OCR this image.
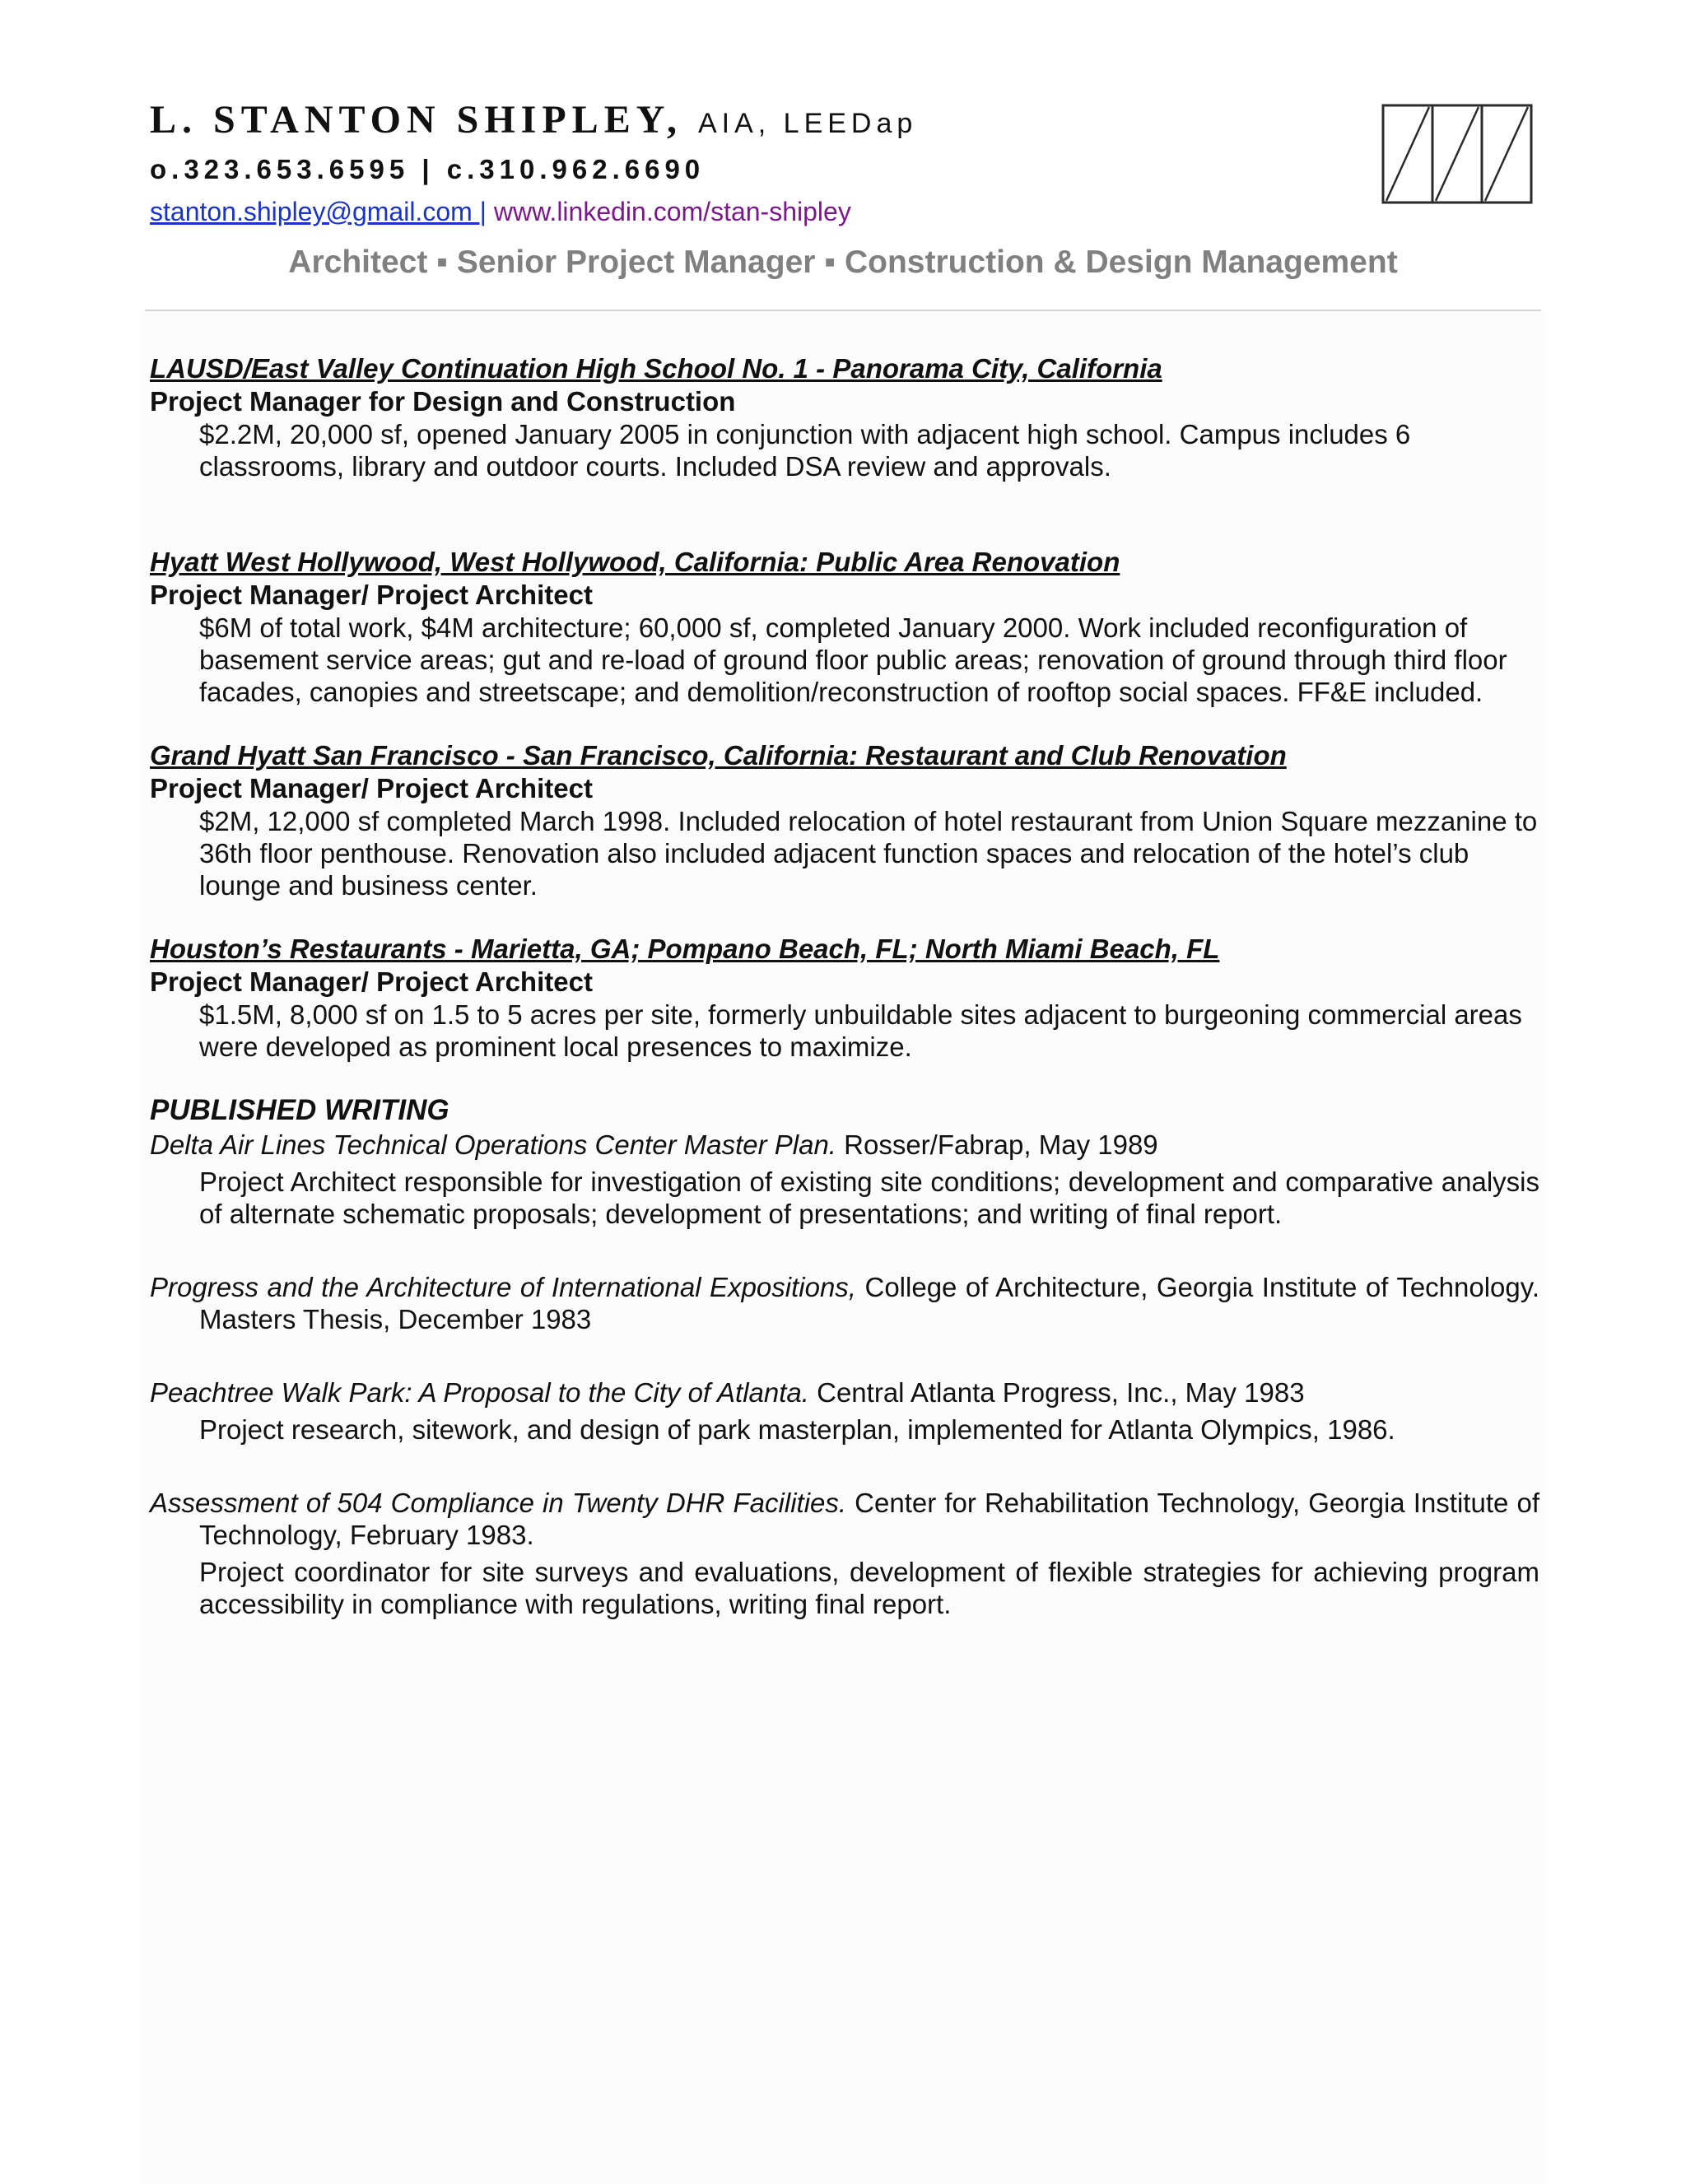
L. STANTON SHIPLEY, AIA, LEEDap
o.323.653.6595 | c.310.962.6690
stanton.shipley@gmail.com | www.linkedin.com/stan-shipley
Architect ▪ Senior Project Manager ▪ Construction & Design Management
LAUSD/East Valley Continuation High School No. 1 - Panorama City, California
Project Manager for Design and Construction
$2.2M, 20,000 sf, opened January 2005 in conjunction with adjacent high school. Campus includes 6 classrooms, library and outdoor courts. Included DSA review and approvals.
Hyatt West Hollywood, West Hollywood, California: Public Area Renovation
Project Manager/ Project Architect
$6M of total work, $4M architecture; 60,000 sf, completed January 2000. Work included reconfiguration of basement service areas; gut and re-load of ground floor public areas; renovation of ground through third floor facades, canopies and streetscape; and demolition/reconstruction of rooftop social spaces. FF&E included.
Grand Hyatt San Francisco - San Francisco, California: Restaurant and Club Renovation
Project Manager/ Project Architect
$2M, 12,000 sf completed March 1998. Included relocation of hotel restaurant from Union Square mezzanine to 36th floor penthouse. Renovation also included adjacent function spaces and relocation of the hotel’s club lounge and business center.
Houston’s Restaurants - Marietta, GA; Pompano Beach, FL; North Miami Beach, FL
Project Manager/ Project Architect
$1.5M, 8,000 sf on 1.5 to 5 acres per site, formerly unbuildable sites adjacent to burgeoning commercial areas were developed as prominent local presences to maximize.
PUBLISHED WRITING
Delta Air Lines Technical Operations Center Master Plan. Rosser/Fabrap, May 1989
Project Architect responsible for investigation of existing site conditions; development and comparative analysis of alternate schematic proposals; development of presentations; and writing of final report.
Progress and the Architecture of International Expositions, College of Architecture, Georgia Institute of Technology. Masters Thesis, December 1983
Peachtree Walk Park: A Proposal to the City of Atlanta. Central Atlanta Progress, Inc., May 1983
Project research, sitework, and design of park masterplan, implemented for Atlanta Olympics, 1986.
Assessment of 504 Compliance in Twenty DHR Facilities. Center for Rehabilitation Technology, Georgia Institute of Technology, February 1983.
Project coordinator for site surveys and evaluations, development of flexible strategies for achieving program accessibility in compliance with regulations, writing final report.
